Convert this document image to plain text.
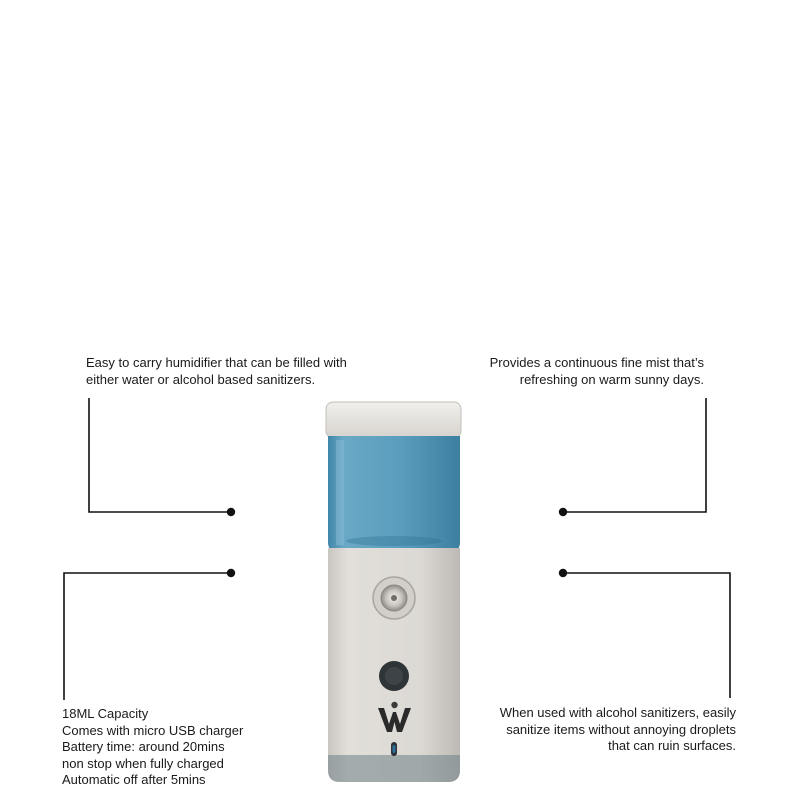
Easy to carry humidifier that can be filled with
either water or alcohol based sanitizers.

Provides a continuous fine mist that’s
refreshing on warm sunny days.

18ML Capacity
Comes with micro USB charger
Battery time: around 20mins
non stop when fully charged
Automatic off after 5mins

When used with alcohol sanitizers, easily
sanitize items without annoying droplets
that can ruin surfaces.
